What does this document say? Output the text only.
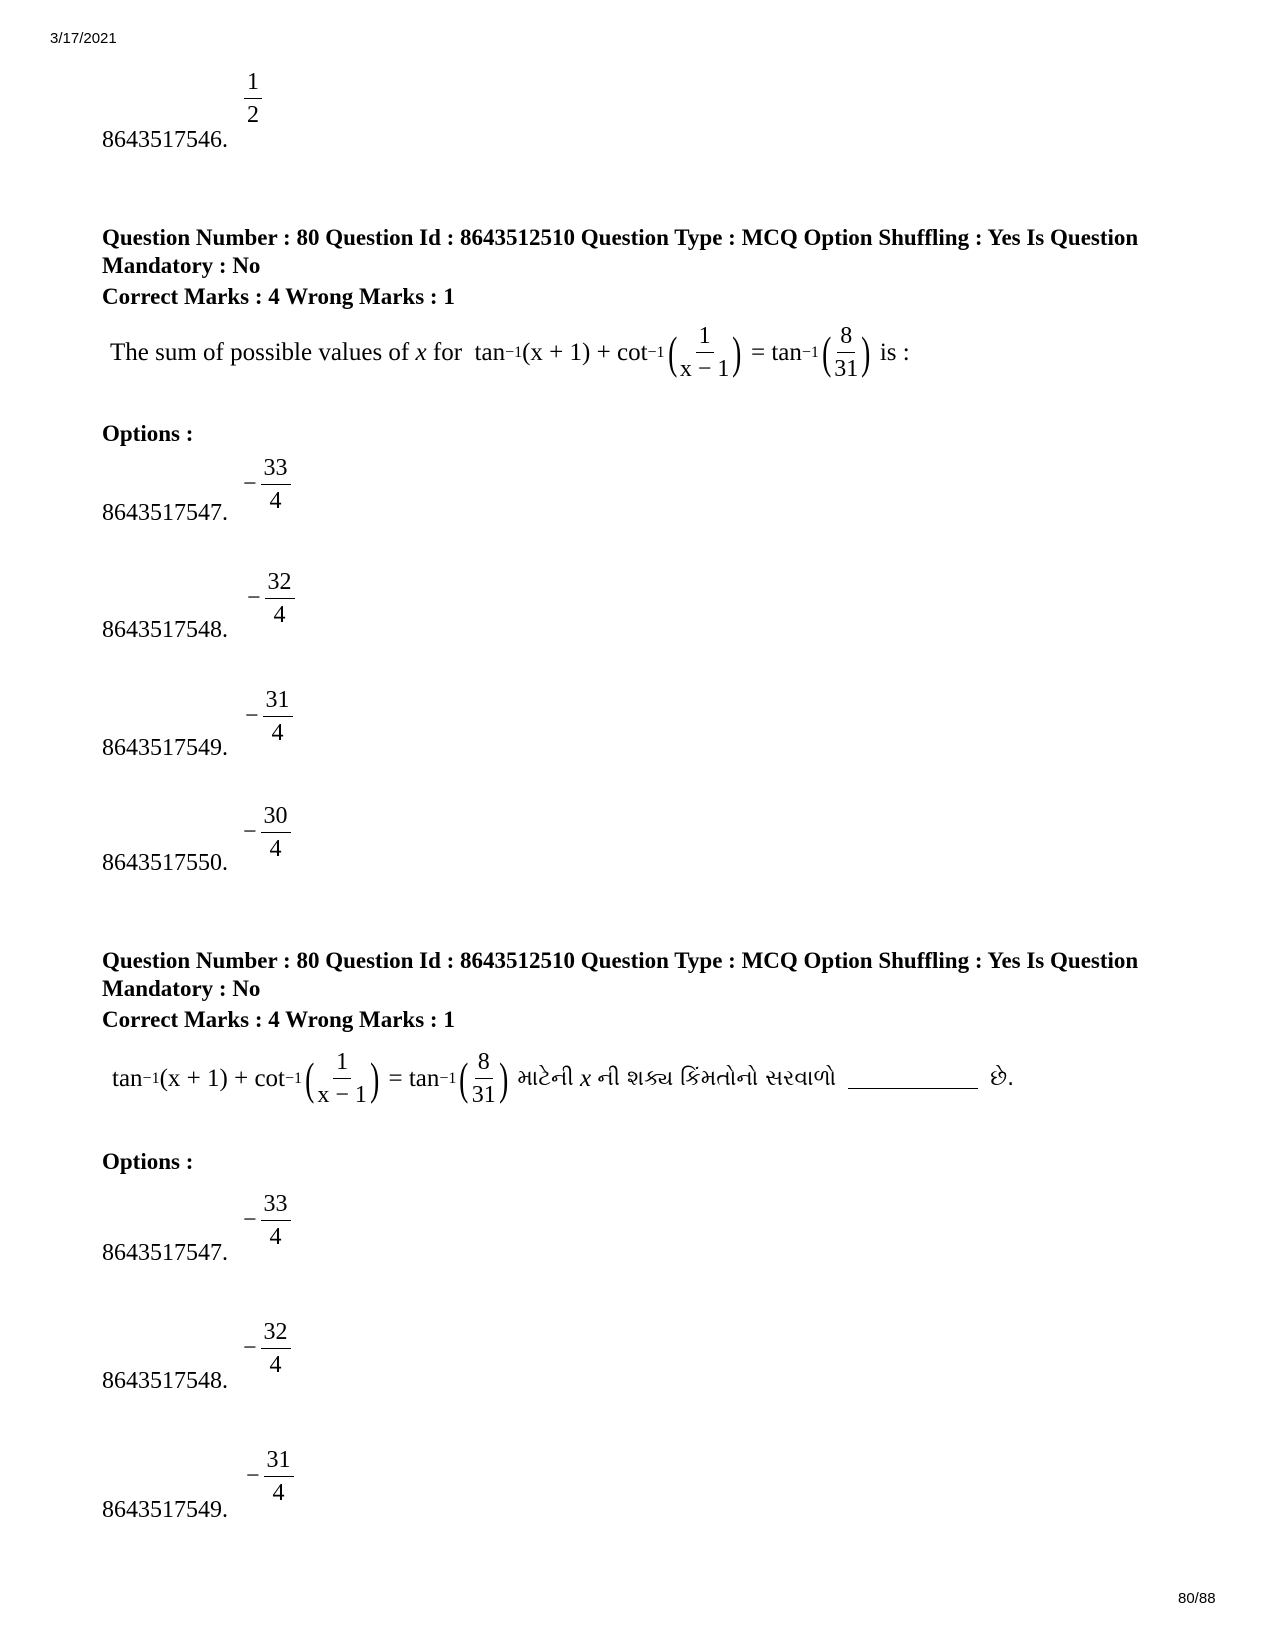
3/17/2021
8643517546.
$\frac{1}{2}$
Question Number : 80 Question Id : 8643512510 Question Type : MCQ Option Shuffling : Yes Is Question Mandatory : No
Correct Marks : 4 Wrong Marks : 1
The sum of possible values of
x
for
tan −1 (x + 1) +
cot −1 ( $\frac{1}{x - 1}$ )
=
tan −1 ( $\frac{8}{31}$ )
is :
Options :
8643517547.
− $\frac{33}{4}$
8643517548.
− $\frac{32}{4}$
8643517549.
− $\frac{31}{4}$
8643517550.
− $\frac{30}{4}$
Question Number : 80 Question Id : 8643512510 Question Type : MCQ Option Shuffling : Yes Is Question Mandatory : No
Correct Marks : 4 Wrong Marks : 1
tan −1 (x + 1) +
cot −1 ( $\frac{1}{x - 1}$ )
=
tan −1 ( $\frac{8}{31}$ )
માટેની
x
ની શક્ય કિંમતોનો સરવાળો	છે.
Options :
8643517547.
− $\frac{33}{4}$
8643517548.
− $\frac{32}{4}$
8643517549.
− $\frac{31}{4}$
80/88
